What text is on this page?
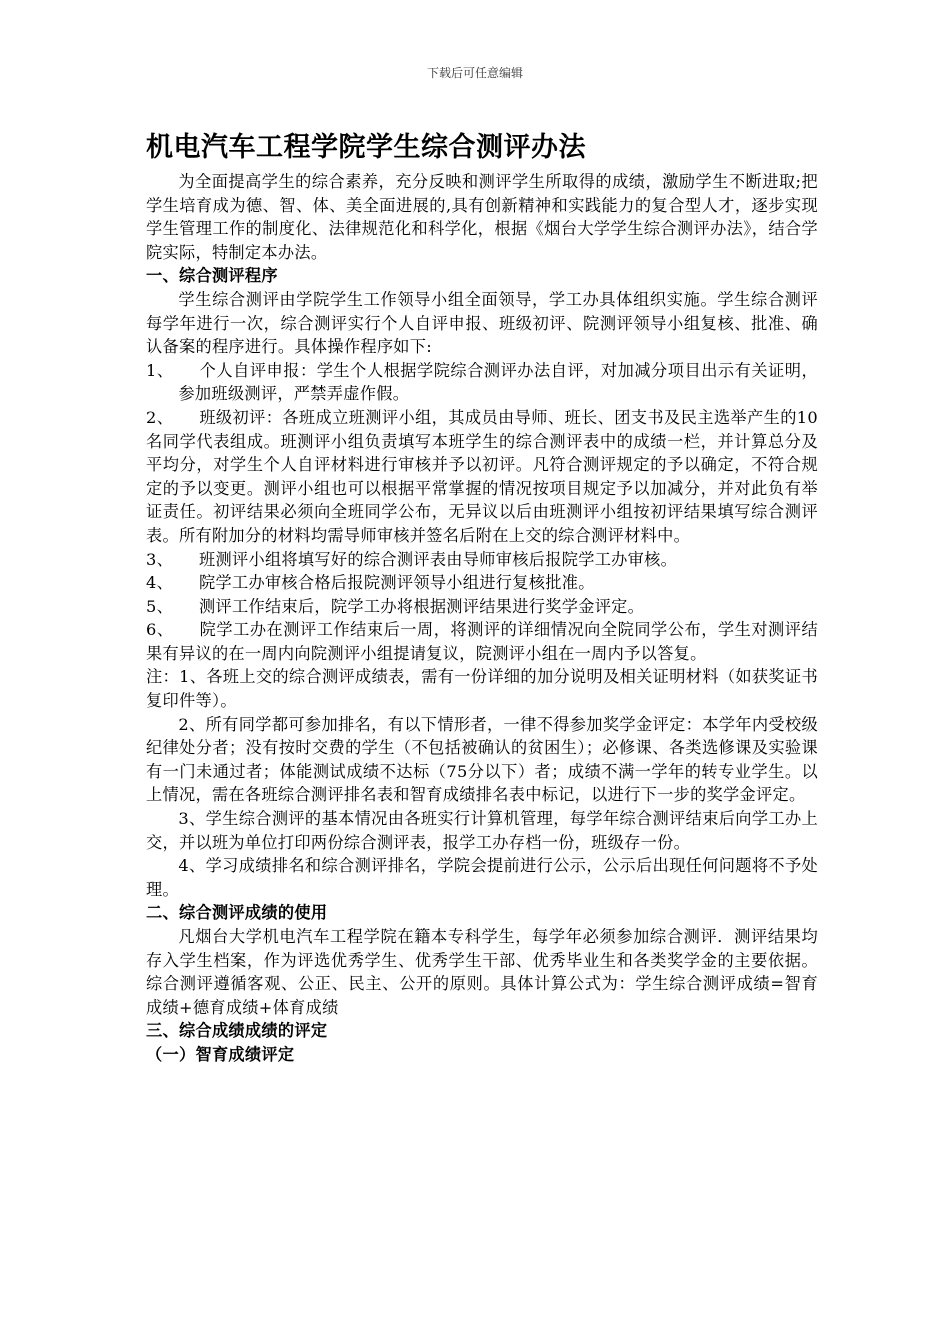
下载后可任意编辑
机电汽车工程学院学生综合测评办法

为全面提高学生的综合素养，充分反映和测评学生所取得的成绩，激励学生不断进取;把学生培育成为德、智、体、美全面进展的,具有创新精神和实践能力的复合型人才，逐步实现学生管理工作的制度化、法律规范化和科学化，根据《烟台大学学生综合测评办法》，结合学院实际，特制定本办法。

一、综合测评程序

学生综合测评由学院学生工作领导小组全面领导，学工办具体组织实施。学生综合测评每学年进行一次，综合测评实行个人自评申报、班级初评、院测评领导小组复核、批准、确认备案的程序进行。具体操作程序如下:

1、 个人自评申报：学生个人根据学院综合测评办法自评，对加减分项目出示有关证明，参加班级测评，严禁弄虚作假。

2、 班级初评：各班成立班测评小组，其成员由导师、班长、团支书及民主选举产生的10名同学代表组成。班测评小组负责填写本班学生的综合测评表中的成绩一栏，并计算总分及平均分，对学生个人自评材料进行审核并予以初评。凡符合测评规定的予以确定，不符合规定的予以变更。测评小组也可以根据平常掌握的情况按项目规定予以加减分，并对此负有举证责任。初评结果必须向全班同学公布，无异议以后由班测评小组按初评结果填写综合测评表。所有附加分的材料均需导师审核并签名后附在上交的综合测评材料中。

3、 班测评小组将填写好的综合测评表由导师审核后报院学工办审核。

4、 院学工办审核合格后报院测评领导小组进行复核批准。

5、 测评工作结束后，院学工办将根据测评结果进行奖学金评定。

6、 院学工办在测评工作结束后一周，将测评的详细情况向全院同学公布，学生对测评结果有异议的在一周内向院测评小组提请复议，院测评小组在一周内予以答复。

注：1、各班上交的综合测评成绩表，需有一份详细的加分说明及相关证明材料（如获奖证书复印件等）。

2、所有同学都可参加排名，有以下情形者，一律不得参加奖学金评定：本学年内受校级纪律处分者；没有按时交费的学生（不包括被确认的贫困生）；必修课、各类选修课及实验课有一门未通过者；体能测试成绩不达标（75分以下）者；成绩不满一学年的转专业学生。以上情况，需在各班综合测评排名表和智育成绩排名表中标记，以进行下一步的奖学金评定。

3、学生综合测评的基本情况由各班实行计算机管理，每学年综合测评结束后向学工办上交，并以班为单位打印两份综合测评表，报学工办存档一份，班级存一份。

4、学习成绩排名和综合测评排名，学院会提前进行公示，公示后出现任何问题将不予处理。

二、综合测评成绩的使用

凡烟台大学机电汽车工程学院在籍本专科学生，每学年必须参加综合测评．测评结果均存入学生档案，作为评选优秀学生、优秀学生干部、优秀毕业生和各类奖学金的主要依据。综合测评遵循客观、公正、民主、公开的原则。具体计算公式为：学生综合测评成绩=智育成绩+德育成绩+体育成绩

三、综合成绩成绩的评定

（一）智育成绩评定
